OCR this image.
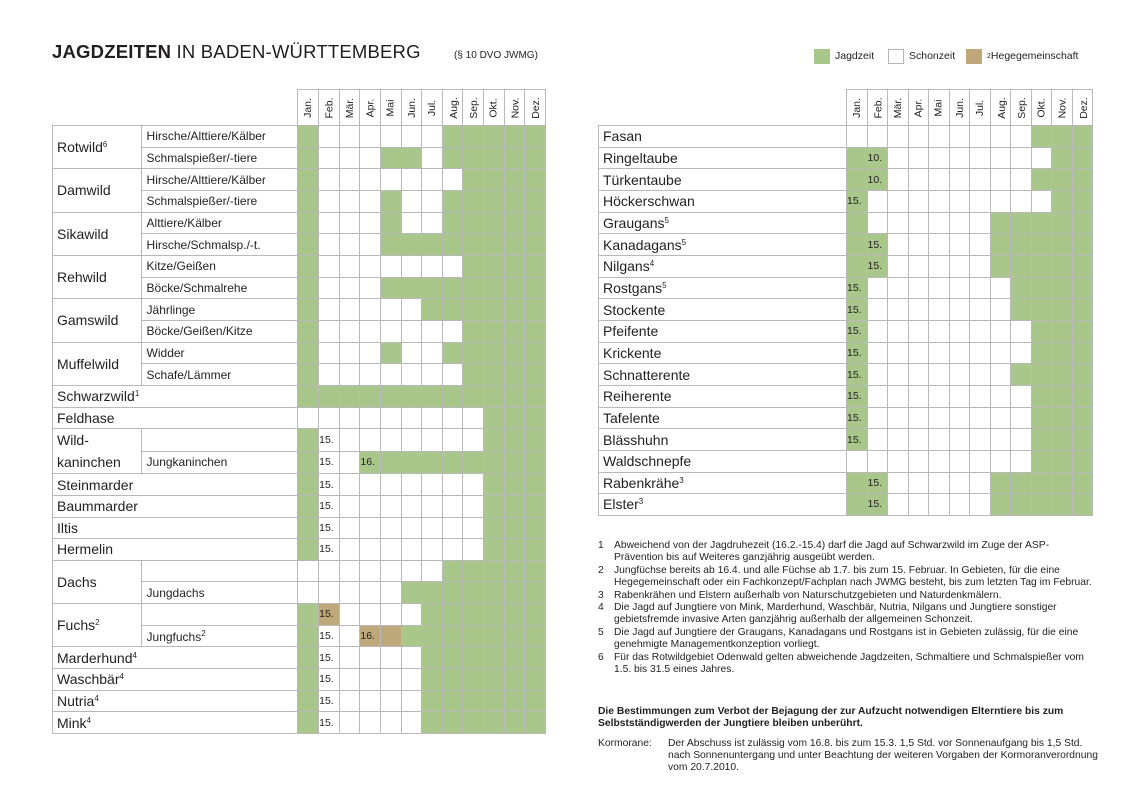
JAGDZEITEN IN BADEN-WÜRTTEMBERG	(§ 10 DVO JWMG)	Jagdzeit	Schonzeit	2 Hegegemeinschaft
		Jan.	Feb.	Mär.	Apr.	Mai	Jun.	Jul.	Aug.	Sep.	Okt.	Nov.	Dez.
Rotwild$^6$	Hirsche/Alttiere/Kälber												
	Schmalspießer/-tiere												
Damwild	Hirsche/Alttiere/Kälber												
	Schmalspießer/-tiere												
Sikawild	Alttiere/Kälber												
	Hirsche/Schmalsp./-t.												
Rehwild	Kitze/Geißen												
	Böcke/Schmalrehe												
Gamswild	Jährlinge												
	Böcke/Geißen/Kitze												
Muffelwild	Widder												
	Schafe/Lämmer												
Schwarzwild$^1$												
Feldhase													
Wild-
kaninchen			15.										
	Jungkaninchen		15.		16.								
Steinmarder			15.										
Baummarder			15.										
Iltis			15.										
Hermelin			15.										
Dachs													
	Jungdachs												
Fuchs$^2$			15.										
	Jungfuchs$^2$		15.		16.								
Marderhund$^4$			15.										
Waschbär$^4$			15.										
Nutria$^4$			15.										
Mink$^4$			15.										
	Jan.	Feb.	Mär.	Apr.	Mai	Jun.	Jul.	Aug.	Sep.	Okt.	Nov.	Dez.
Fasan												
Ringeltaube		10.										
Türkentaube		10.										
Höckerschwan	15.											
Graugans$^5$												
Kanadagans$^5$		15.										
Nilgans$^4$		15.										
Rostgans$^5$	15.											
Stockente	15.											
Pfeifente	15.											
Krickente	15.											
Schnatterente	15.											
Reiherente	15.											
Tafelente	15.											
Blässhuhn	15.											
Waldschnepfe												
Rabenkrähe$^3$		15.										
Elster$^3$		15.										
1 Abweichend von der Jagdruhezeit (16.2.-15.4) darf die Jagd auf Schwarzwild im Zuge der ASP-Prävention bis auf Weiteres ganzjährig ausgeübt werden.
2 Jungfüchse bereits ab 16.4. und alle Füchse ab 1.7. bis zum 15. Februar. In Gebieten, für die eine Hegegemeinschaft oder ein Fachkonzept/Fachplan nach JWMG besteht, bis zum letzten Tag im Februar.
3 Rabenkrähen und Elstern außerhalb von Naturschutzgebieten und Naturdenkmälern.
4 Die Jagd auf Jungtiere von Mink, Marderhund, Waschbär, Nutria, Nilgans und Jungtiere sonstiger gebietsfremde invasive Arten ganzjährig außerhalb der allgemeinen Schonzeit.
5 Die Jagd auf Jungtiere der Graugans, Kanadagans und Rostgans ist in Gebieten zulässig, für die eine genehmigte Managementkonzeption vorliegt.
6 Für das Rotwildgebiet Odenwald gelten abweichende Jagdzeiten, Schmaltiere und Schmalspießer vom 1.5. bis 31.5 eines Jahres.
Die Bestimmungen zum Verbot der Bejagung der zur Aufzucht notwendigen Elterntiere bis zum Selbstständigwerden der Jungtiere bleiben unberührt.
Kormorane:	Der Abschuss ist zulässig vom 16.8. bis zum 15.3. 1,5 Std. vor Sonnenaufgang bis 1,5 Std. nach Sonnenuntergang und unter Beachtung der weiteren Vorgaben der Kormoranverordnung vom 20.7.2010.
